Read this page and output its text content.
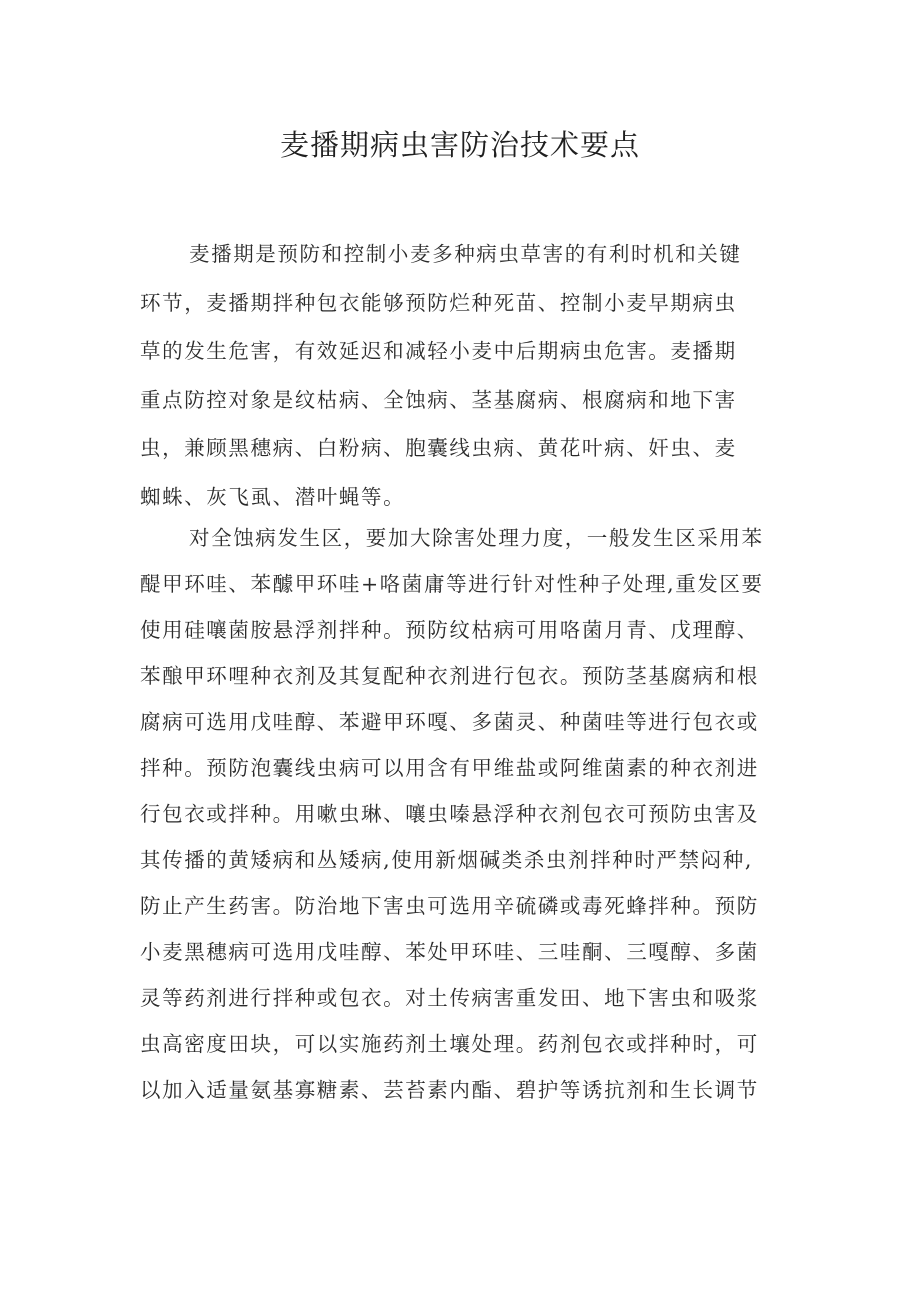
麦播期病虫害防治技术要点

麦播期是预防和控制小麦多种病虫草害的有利时机和关键
环节，麦播期拌种包衣能够预防烂种死苗、控制小麦早期病虫
草的发生危害，有效延迟和减轻小麦中后期病虫危害。麦播期
重点防控对象是纹枯病、全蚀病、茎基腐病、根腐病和地下害
虫，兼顾黑穗病、白粉病、胞囊线虫病、黄花叶病、奸虫、麦
蜘蛛、灰飞虱、潜叶蝇等。

对全蚀病发生区，要加大除害处理力度，一般发生区采用苯
醍甲环哇、苯醵甲环哇+咯菌庸等进行针对性种子处理,重发区要
使用硅嚷菌胺悬浮剂拌种。预防纹枯病可用咯菌月青、戊理醇、
苯酿甲环哩种衣剂及其复配种衣剂进行包衣。预防茎基腐病和根
腐病可选用戊哇醇、苯避甲环嘎、多菌灵、种菌哇等进行包衣或
拌种。预防泡囊线虫病可以用含有甲维盐或阿维菌素的种衣剂进
行包衣或拌种。用嗽虫琳、嚷虫嗪悬浮种衣剂包衣可预防虫害及
其传播的黄矮病和丛矮病,使用新烟碱类杀虫剂拌种时严禁闷种,
防止产生药害。防治地下害虫可选用辛硫磷或毒死蜂拌种。预防
小麦黑穗病可选用戊哇醇、苯处甲环哇、三哇酮、三嘎醇、多菌
灵等药剂进行拌种或包衣。对土传病害重发田、地下害虫和吸浆
虫高密度田块，可以实施药剂土壤处理。药剂包衣或拌种时，可
以加入适量氨基寡糖素、芸苔素内酯、碧护等诱抗剂和生长调节
